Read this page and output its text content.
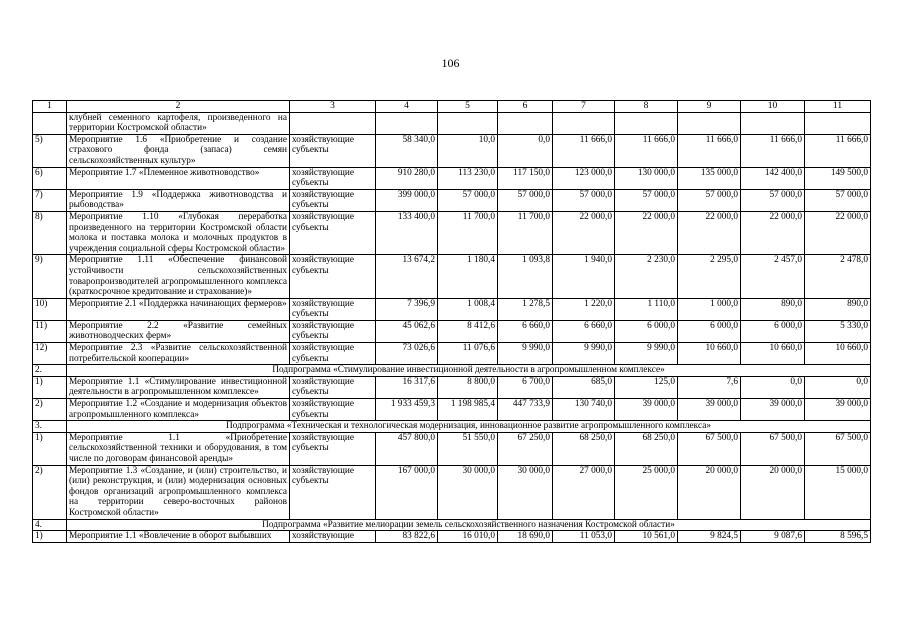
106
1	2	3	4	5	6	7	8	9	10	11
	клубней семенного картофеля, произведенного на территории Костромской области»									
5)	Мероприятие 1.6 «Приобретение и создание страхового фонда (запаса) семян сельскохозяйственных культур»	хозяйствующие субъекты	58 340,0	10,0	0,0	11 666,0	11 666,0	11 666,0	11 666,0	11 666,0
6)	Мероприятие 1.7 «Племенное животноводство»	хозяйствующие субъекты	910 280,0	113 230,0	117 150,0	123 000,0	130 000,0	135 000,0	142 400,0	149 500,0
7)	Мероприятие 1.9 «Поддержка животноводства и рыбоводства»	хозяйствующие субъекты	399 000,0	57 000,0	57 000,0	57 000,0	57 000,0	57 000,0	57 000,0	57 000,0
8)	Мероприятие 1.10 «Глубокая переработка произведенного на территории Костромской области молока и поставка молока и молочных продуктов в учреждения социальной сферы Костромской области»	хозяйствующие субъекты	133 400,0	11 700,0	11 700,0	22 000,0	22 000,0	22 000,0	22 000,0	22 000,0
9)	Мероприятие 1.11 «Обеспечение финансовой устойчивости сельскохозяйственных товаропроизводителей агропромышленного комплекса (краткосрочное кредитование и страхование)»	хозяйствующие субъекты	13 674,2	1 180,4	1 093,8	1 940,0	2 230,0	2 295,0	2 457,0	2 478,0
10)	Мероприятие 2.1 «Поддержка начинающих фермеров»	хозяйствующие субъекты	7 396,9	1 008,4	1 278,5	1 220,0	1 110,0	1 000,0	890,0	890,0
11)	Мероприятие 2.2 «Развитие семейных животноводческих ферм»	хозяйствующие субъекты	45 062,6	8 412,6	6 660,0	6 660,0	6 000,0	6 000,0	6 000,0	5 330,0
12)	Мероприятие 2.3 «Развитие сельскохозяйственной потребительской кооперации»	хозяйствующие субъекты	73 026,6	11 076,6	9 990,0	9 990,0	9 990,0	10 660,0	10 660,0	10 660,0
2.	Подпрограмма «Стимулирование инвестиционной деятельности в агропромышленном комплексе»									
1)	Мероприятие 1.1 «Стимулирование инвестиционной деятельности в агропромышленном комплексе»	хозяйствующие субъекты	16 317,6	8 800,0	6 700,0	685,0	125,0	7,6	0,0	0,0
2)	Мероприятие 1.2 «Создание и модернизация объектов агропромышленного комплекса»	хозяйствующие субъекты	1 933 459,3	1 198 985,4	447 733,9	130 740,0	39 000,0	39 000,0	39 000,0	39 000,0
3.	Подпрограмма «Техническая и технологическая модернизация, инновационное развитие агропромышленного комплекса»									
1)	Мероприятие 1.1 «Приобретение сельскохозяйственной техники и оборудования, в том числе по договорам финансовой аренды»	хозяйствующие субъекты	457 800,0	51 550,0	67 250,0	68 250,0	68 250,0	67 500,0	67 500,0	67 500,0
2)	Мероприятие 1.3 «Создание, и (или) строительство, и (или) реконструкция, и (или) модернизация основных фондов организаций агропромышленного комплекса на территории северо-восточных районов Костромской области»	хозяйствующие субъекты	167 000,0	30 000,0	30 000,0	27 000,0	25 000,0	20 000,0	20 000,0	15 000,0
4.	Подпрограмма «Развитие мелиорации земель сельскохозяйственного назначения Костромской области»									
1)	Мероприятие 1.1 «Вовлечение в оборот выбывших	хозяйствующие	83 822,6	16 010,0	18 690,0	11 053,0	10 561,0	9 824,5	9 087,6	8 596,5
